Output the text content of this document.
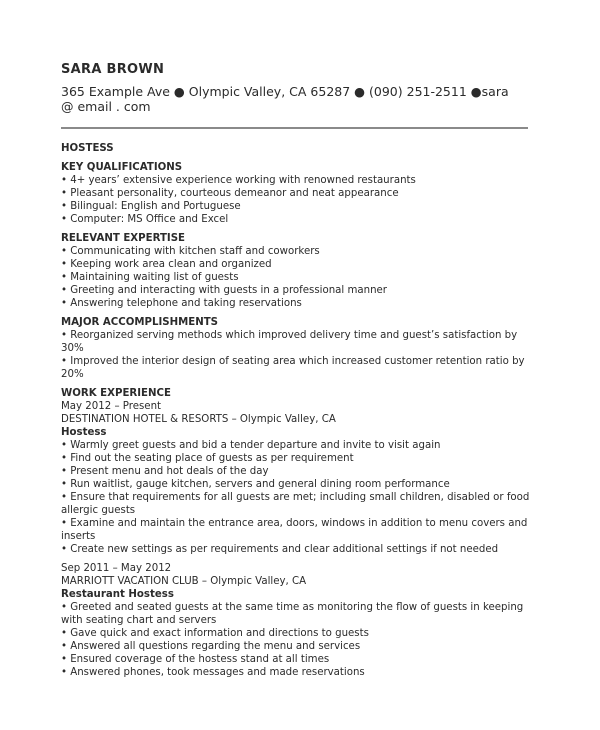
SARA BROWN

365 Example Ave ● Olympic Valley, CA 65287 ● (090) 251-2511 ●sara @ email . com

HOSTESS

KEY QUALIFICATIONS

• 4+ years’ extensive experience working with renowned restaurants
• Pleasant personality, courteous demeanor and neat appearance
• Bilingual: English and Portuguese
• Computer: MS Office and Excel

RELEVANT EXPERTISE

• Communicating with kitchen staff and coworkers
• Keeping work area clean and organized
• Maintaining waiting list of guests
• Greeting and interacting with guests in a professional manner
• Answering telephone and taking reservations

MAJOR ACCOMPLISHMENTS

• Reorganized serving methods which improved delivery time and guest’s satisfaction by 30%
• Improved the interior design of seating area which increased customer retention ratio by 20%

WORK EXPERIENCE

May 2012 – Present

DESTINATION HOTEL & RESORTS – Olympic Valley, CA

Hostess

• Warmly greet guests and bid a tender departure and invite to visit again
• Find out the seating place of guests as per requirement
• Present menu and hot deals of the day
• Run waitlist, gauge kitchen, servers and general dining room performance
• Ensure that requirements for all guests are met; including small children, disabled or food allergic guests
• Examine and maintain the entrance area, doors, windows in addition to menu covers and inserts
• Create new settings as per requirements and clear additional settings if not needed

Sep 2011 – May 2012

MARRIOTT VACATION CLUB – Olympic Valley, CA

Restaurant Hostess

• Greeted and seated guests at the same time as monitoring the flow of guests in keeping with seating chart and servers
• Gave quick and exact information and directions to guests
• Answered all questions regarding the menu and services
• Ensured coverage of the hostess stand at all times
• Answered phones, took messages and made reservations
